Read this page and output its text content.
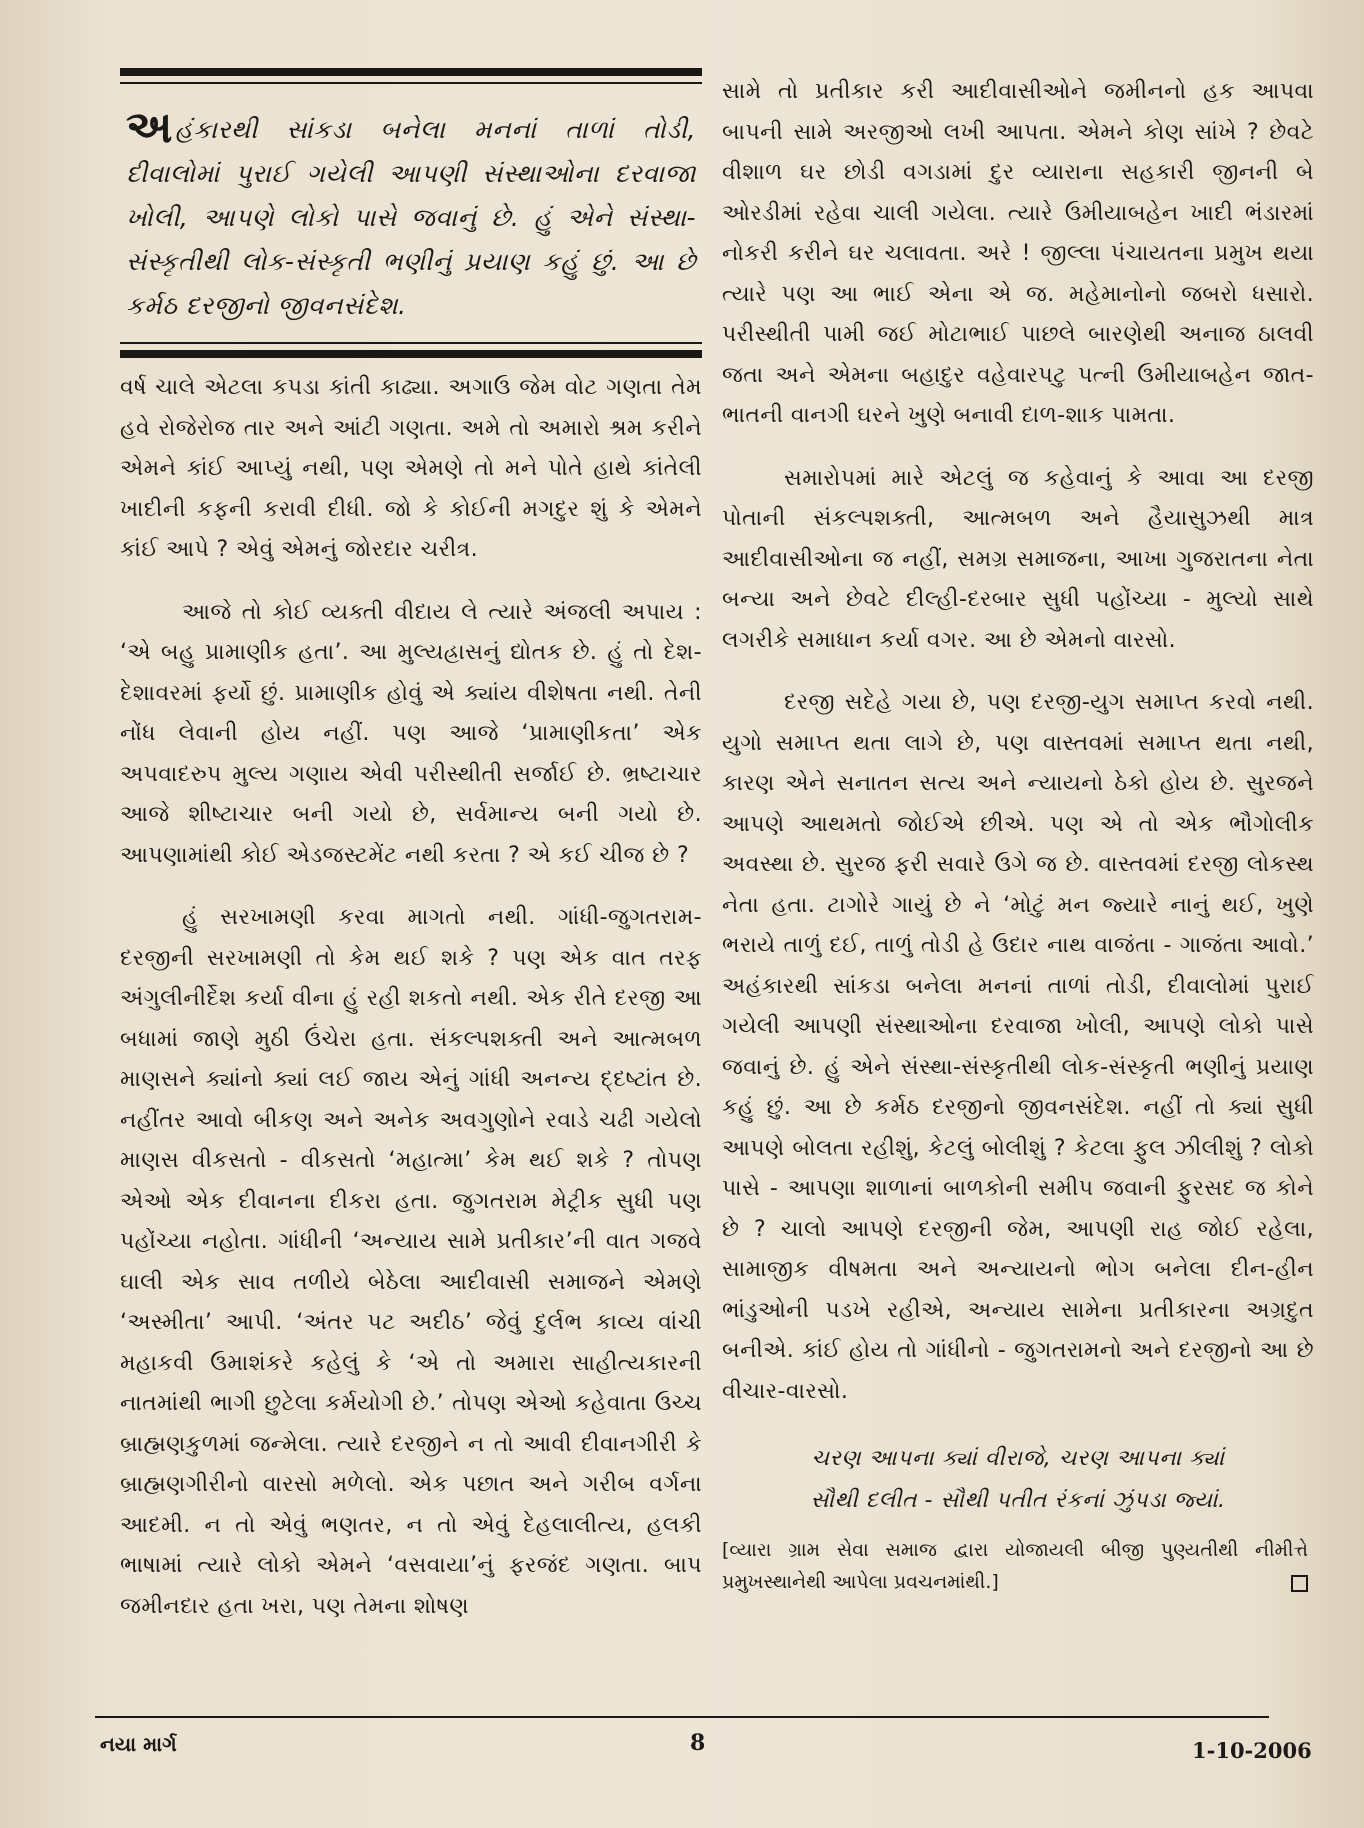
અહંકારથી સાંકડા બનેલા મનનાં તાળાં તોડી, દીવાલોમાં પુરાઈ ગયેલી આપણી સંસ્થાઓના દરવાજા ખોલી, આપણે લોકો પાસે જવાનું છે. હું એને સંસ્થા-સંસ્કૃતીથી લોક-સંસ્કૃતી ભણીનું પ્રયાણ કહું છું. આ છે કર્મઠ દરજીનો જીવનસંદેશ.

વર્ષ ચાલે એટલા કપડા કાંતી કાઢ્યા. અગાઉ જેમ વોટ ગણતા તેમ હવે રોજેરોજ તાર અને આંટી ગણતા. અમે તો અમારો શ્રમ કરીને એમને કાંઈ આપ્યું નથી, પણ એમણે તો મને પોતે હાથે કાંતેલી ખાદીની કફની કરાવી દીધી. જો કે કોઈની મગદુર શું કે એમને કાંઈ આપે ? એવું એમનું જોરદાર ચરીત્ર.

આજે તો કોઈ વ્યક્તી વીદાય લે ત્યારે અંજલી અપાય : ‘એ બહુ પ્રામાણીક હતા’. આ મુલ્યહ્રાસનું દ્યોતક છે. હું તો દેશ-દેશાવરમાં ફર્યો છું. પ્રામાણીક હોવું એ ક્યાંય વીશેષતા નથી. તેની નોંધ લેવાની હોય નહીં. પણ આજે ‘પ્રામાણીકતા’ એક અપવાદરુપ મુલ્ય ગણાય એવી પરીસ્થીતી સર્જાઈ છે. ભ્રષ્ટાચાર આજે શીષ્ટાચાર બની ગયો છે, સર્વમાન્ય બની ગયો છે. આપણામાંથી કોઈ એડજસ્ટમેંટ નથી કરતા ? એ કઈ ચીજ છે ?

હું સરખામણી કરવા માગતો નથી. ગાંધી-જુગતરામ-દરજીની સરખામણી તો કેમ થઈ શકે ? પણ એક વાત તરફ અંગુલીનીર્દેશ કર્યા વીના હું રહી શકતો નથી. એક રીતે દરજી આ બધામાં જાણે મુઠી ઉંચેરા હતા. સંકલ્પશક્તી અને આત્મબળ માણસને ક્યાંનો ક્યાં લઈ જાય એનું ગાંધી અનન્ય દ્દષ્ટાંત છે. નહીંતર આવો બીકણ અને અનેક અવગુણોને રવાડે ચઢી ગયેલો માણસ વીકસતો - વીકસતો ‘મહાત્મા’ કેમ થઈ શકે ? તોપણ એઓ એક દીવાનના દીકરા હતા. જુગતરામ મેટ્રીક સુધી પણ પહોંચ્યા નહોતા. ગાંધીની ‘અન્યાય સામે પ્રતીકાર’ની વાત ગજવે ઘાલી એક સાવ તળીયે બેઠેલા આદીવાસી સમાજને એમણે ‘અસ્મીતા’ આપી. ‘અંતર પટ અદીઠ’ જેવું દુર્લભ કાવ્ય વાંચી મહાકવી ઉમાશંકરે કહેલું કે ‘એ તો અમારા સાહીત્યકારની નાતમાંથી ભાગી છુટેલા કર્મયોગી છે.’ તોપણ એઓ કહેવાતા ઉચ્ચ બ્રાહ્મણકુળમાં જન્મેલા. ત્યારે દરજીને ન તો આવી દીવાનગીરી કે બ્રાહ્મણગીરીનો વારસો મળેલો. એક પછાત અને ગરીબ વર્ગના આદમી. ન તો એવું ભણતર, ન તો એવું દેહલાલીત્ય, હલકી ભાષામાં ત્યારે લોકો એમને ‘વસવાયા’નું ફરજંદ ગણતા. બાપ જમીનદાર હતા ખરા, પણ તેમના શોષણ

સામે તો પ્રતીકાર કરી આદીવાસીઓને જમીનનો હક આપવા બાપની સામે અરજીઓ લખી આપતા. એમને કોણ સાંખે ? છેવટે વીશાળ ઘર છોડી વગડામાં દુર વ્યારાના સહકારી જીનની બે ઓરડીમાં રહેવા ચાલી ગયેલા. ત્યારે ઉમીયાબહેન ખાદી ભંડારમાં નોકરી કરીને ઘર ચલાવતા. અરે ! જીલ્લા પંચાયતના પ્રમુખ થયા ત્યારે પણ આ ભાઈ એના એ જ. મહેમાનોનો જબરો ધસારો. પરીસ્થીતી પામી જઈ મોટાભાઈ પાછલે બારણેથી અનાજ ઠાલવી જતા અને એમના બહાદુર વહેવારપટુ પત્ની ઉમીયાબહેન જાત-ભાતની વાનગી ઘરને ખુણે બનાવી દાળ-શાક પામતા.

સમારોપમાં મારે એટલું જ કહેવાનું કે આવા આ દરજી પોતાની સંકલ્પશક્તી, આત્મબળ અને હૈયાસુઝથી માત્ર આદીવાસીઓના જ નહીં, સમગ્ર સમાજના, આખા ગુજરાતના નેતા બન્યા અને છેવટે દીલ્હી-દરબાર સુધી પહોંચ્યા - મુલ્યો સાથે લગરીકે સમાધાન કર્યા વગર. આ છે એમનો વારસો.

દરજી સદેહે ગયા છે, પણ દરજી-યુગ સમાપ્ત કરવો નથી. યુગો સમાપ્ત થતા લાગે છે, પણ વાસ્તવમાં સમાપ્ત થતા નથી, કારણ એને સનાતન સત્ય અને ન્યાયનો ઠેકો હોય છે. સુરજને આપણે આથમતો જોઈએ છીએ. પણ એ તો એક ભૌગોલીક અવસ્થા છે. સુરજ ફરી સવારે ઉગે જ છે. વાસ્તવમાં દરજી લોકસ્થ નેતા હતા. ટાગોરે ગાયું છે ને ‘મોટું મન જ્યારે નાનું થઈ, ખુણે ભરાયે તાળું દઈ, તાળું તોડી હે ઉદાર નાથ વાજંતા - ગાજંતા આવો.’ અહંકારથી સાંકડા બનેલા મનનાં તાળાં તોડી, દીવાલોમાં પુરાઈ ગયેલી આપણી સંસ્થાઓના દરવાજા ખોલી, આપણે લોકો પાસે જવાનું છે. હું એને સંસ્થા-સંસ્કૃતીથી લોક-સંસ્કૃતી ભણીનું પ્રયાણ કહું છું. આ છે કર્મઠ દરજીનો જીવનસંદેશ. નહીં તો ક્યાં સુધી આપણે બોલતા રહીશું, કેટલું બોલીશું ? કેટલા ફુલ ઝીલીશું ? લોકો પાસે - આપણા શાળાનાં બાળકોની સમીપ જવાની ફુરસદ જ કોને છે ? ચાલો આપણે દરજીની જેમ, આપણી રાહ જોઈ રહેલા, સામાજીક વીષમતા અને અન્યાયનો ભોગ બનેલા દીન-હીન ભાંડુઓની પડખે રહીએ, અન્યાય સામેના પ્રતીકારના અગ્રદુત બનીએ. કાંઈ હોય તો ગાંધીનો - જુગતરામનો અને દરજીનો આ છે વીચાર-વારસો.

ચરણ આપના ક્યાં વીરાજે, ચરણ આપના ક્યાં
સૌથી દલીત - સૌથી પતીત રંકનાં ઝુંપડા જ્યાં.
[વ્યારા ગ્રામ સેવા સમાજ દ્વારા યોજાયલી બીજી પુણ્યતીથી નીમીત્તે પ્રમુખસ્થાનેથી આપેલા પ્રવચનમાંથી.]
નયા માર્ગ	8	1-10-2006
